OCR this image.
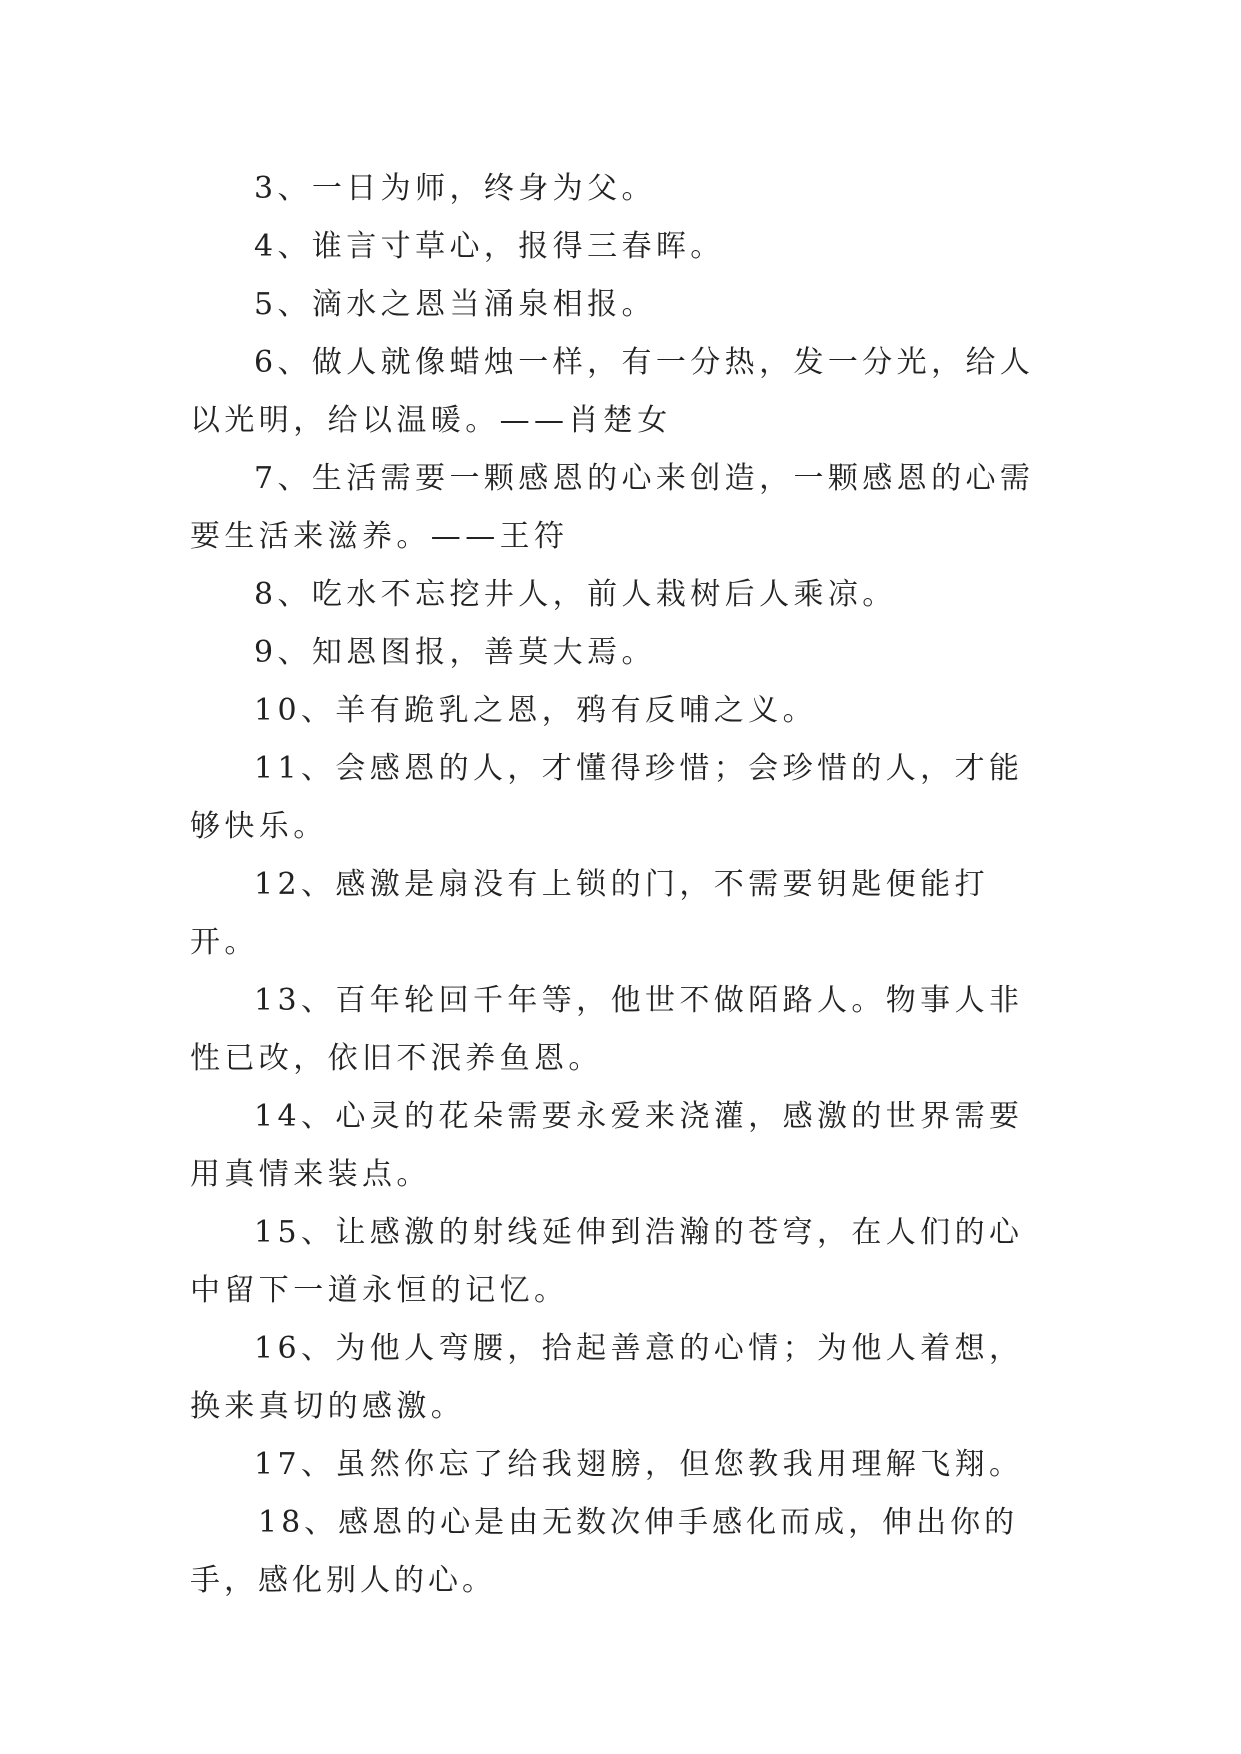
3、一日为师，终身为父。

4、谁言寸草心，报得三春晖。

5、滴水之恩当涌泉相报。

6、做人就像蜡烛一样，有一分热，发一分光，给人以光明，给以温暖。——肖楚女

7、生活需要一颗感恩的心来创造，一颗感恩的心需要生活来滋养。——王符

8、吃水不忘挖井人，前人栽树后人乘凉。

9、知恩图报，善莫大焉。

10、羊有跪乳之恩，鸦有反哺之义。

11、会感恩的人，才懂得珍惜；会珍惜的人，才能够快乐。

12、感激是扇没有上锁的门，不需要钥匙便能打开。

13、百年轮回千年等，他世不做陌路人。物事人非性已改，依旧不泯养鱼恩。

14、心灵的花朵需要永爱来浇灌，感激的世界需要用真情来装点。

15、让感激的射线延伸到浩瀚的苍穹，在人们的心中留下一道永恒的记忆。

16、为他人弯腰，拾起善意的心情；为他人着想，换来真切的感激。

17、虽然你忘了给我翅膀，但您教我用理解飞翔。

18、感恩的心是由无数次伸手感化而成，伸出你的手，感化别人的心。
